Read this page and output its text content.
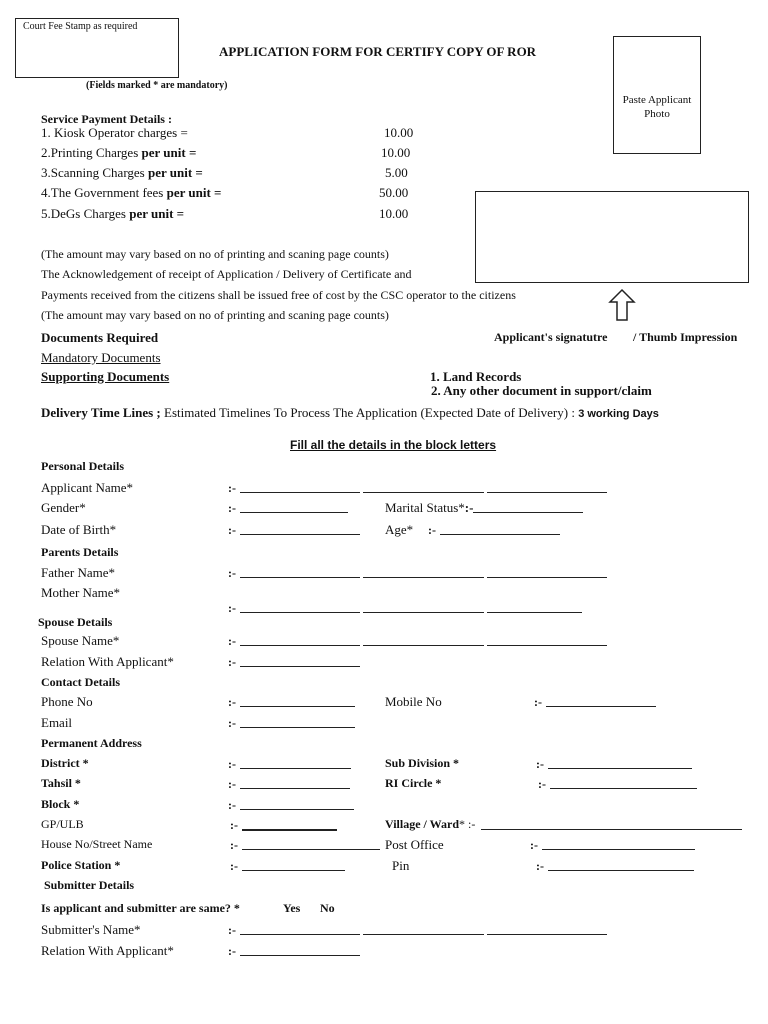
Court Fee Stamp as required
APPLICATION FORM FOR CERTIFY COPY OF ROR
(Fields marked * are mandatory)
Paste Applicant
Photo
Service Payment Details :
1. Kiosk Operator charges =	10.00
2.Printing Charges per unit =	10.00
3.Scanning Charges per unit =	5.00
4.The Government fees per unit =	50.00
5.DeGs Charges per unit =	10.00
(The amount may vary based on no of printing and scaning page counts)
The Acknowledgement of receipt of Application / Delivery of Certificate and
Payments received from the citizens shall be issued free of cost by the CSC operator to the citizens
(The amount may vary based on no of printing and scaning page counts)
Applicant's signatutre / Thumb Impression
Documents Required
Mandatory Documents
Supporting Documents	1. Land Records
2. Any other document in support/claim
Delivery Time Lines ; Estimated Timelines To Process The Application (Expected Date of Delivery) : 3 working Days
Fill all the details in the block letters
Personal Details
Applicant Name*	:-
Gender*	:-	Marital Status*:-
Date of Birth*	:-	Age* :-
Parents Details
Father Name*	:-
Mother Name*
:-
Spouse Details
Spouse Name*	:-
Relation With Applicant*	:-
Contact Details
Phone No	:-	Mobile No	:-
Email	:-
Permanent Address
District *	:-	Sub Division *	:-
Tahsil *	:-	RI Circle *	:-
Block *	:-
GP/ULB	:-	Village / Ward* :-
House No/Street Name	:-	Post Office	:-
Police Station *	:-	Pin	:-
Submitter Details
Is applicant and submitter are same? *	Yes No
Submitter's Name*	:-
Relation With Applicant*	:-
